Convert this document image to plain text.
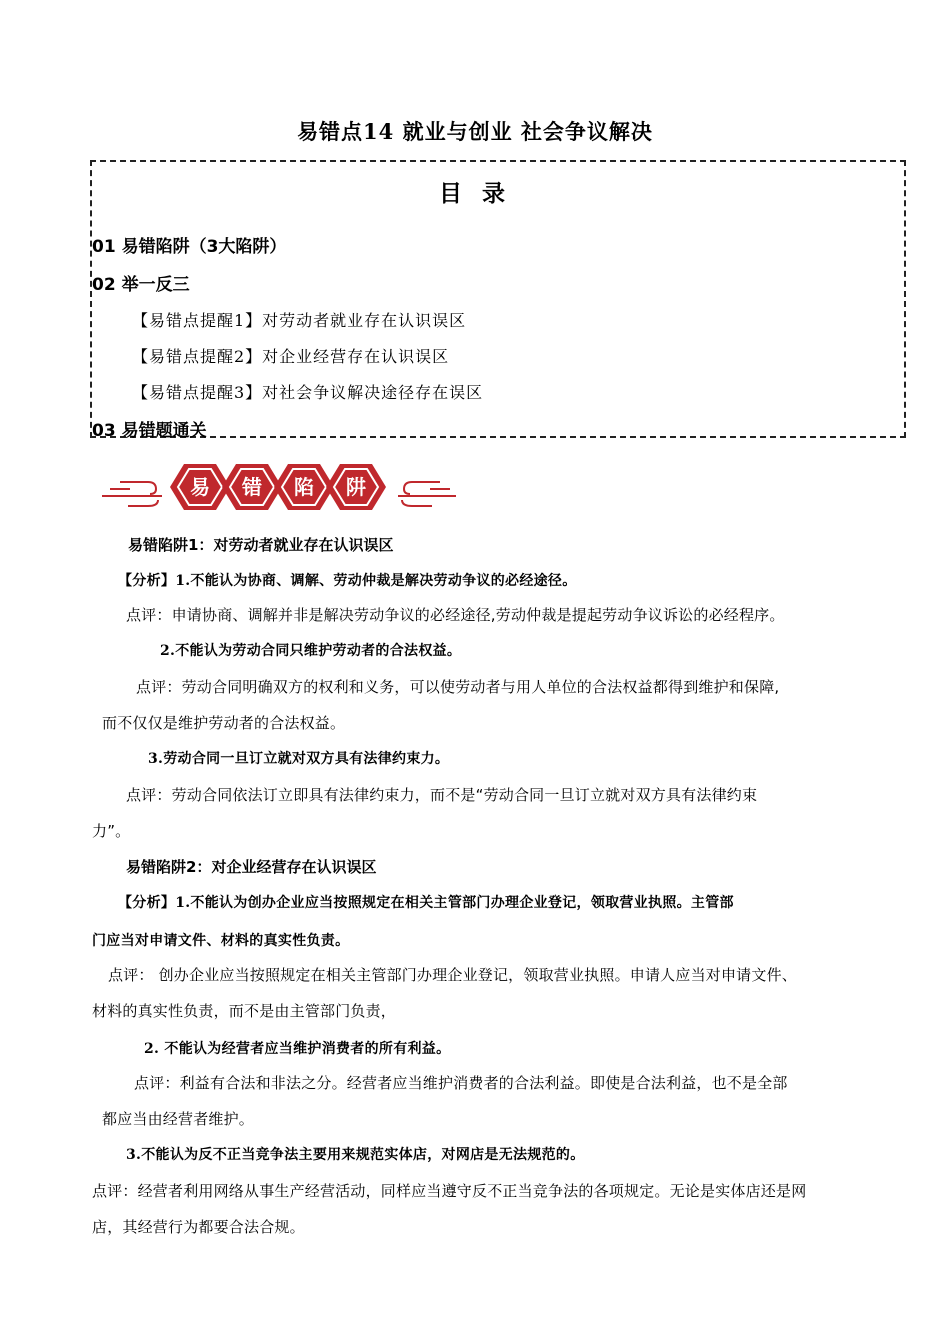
易错点14 就业与创业 社会争议解决
目 录
01 易错陷阱（3大陷阱）
02 举一反三
【易错点提醒1】对劳动者就业存在认识误区
【易错点提醒2】对企业经营存在认识误区
【易错点提醒3】对社会争议解决途径存在误区
03 易错题通关
易 错 陷 阱
易错陷阱1：对劳动者就业存在认识误区
【分析】1.不能认为协商、调解、劳动仲裁是解决劳动争议的必经途径。
点评：申请协商、调解并非是解决劳动争议的必经途径,劳动仲裁是提起劳动争议诉讼的必经程序。
2.不能认为劳动合同只维护劳动者的合法权益。
点评：劳动合同明确双方的权利和义务，可以使劳动者与用人单位的合法权益都得到维护和保障,
而不仅仅是维护劳动者的合法权益。
3.劳动合同一旦订立就对双方具有法律约束力。
点评：劳动合同依法订立即具有法律约束力，而不是“劳动合同一旦订立就对双方具有法律约束
力”。
易错陷阱2：对企业经营存在认识误区
【分析】1.不能认为创办企业应当按照规定在相关主管部门办理企业登记，领取营业执照。主管部
门应当对申请文件、材料的真实性负责。
点评： 创办企业应当按照规定在相关主管部门办理企业登记，领取营业执照。申请人应当对申请文件、
材料的真实性负责，而不是由主管部门负责，
2. 不能认为经营者应当维护消费者的所有利益。
点评：利益有合法和非法之分。经营者应当维护消费者的合法利益。即使是合法利益，也不是全部
都应当由经营者维护。
3.不能认为反不正当竞争法主要用来规范实体店，对网店是无法规范的。
点评：经营者利用网络从事生产经营活动，同样应当遵守反不正当竞争法的各项规定。无论是实体店还是网
店，其经营行为都要合法合规。
